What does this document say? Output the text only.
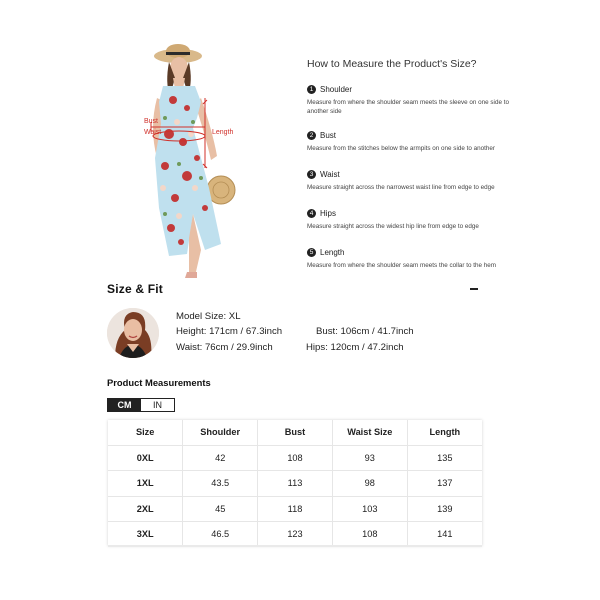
Bust
Waist	Length
How to Measure the Product's Size?
1 Shoulder
Measure from where the shoulder seam meets the sleeve on one side to another side
2 Bust
Measure from the stitches below the armpits on one side to another
3 Waist
Measure straight across the narrowest waist line from edge to edge
4 Hips
Measure straight across the widest hip line from edge to edge
5 Length
Measure from where the shoulder seam meets the collar to the hem
Size & Fit
Model Size: XL
Height: 171cm / 67.3inch	Bust: 106cm / 41.7inch
Waist: 76cm / 29.9inch	Hips: 120cm / 47.2inch
Product Measurements
CM	IN
Size	Shoulder	Bust	Waist Size	Length
0XL	42	108	93	135
1XL	43.5	113	98	137
2XL	45	118	103	139
3XL	46.5	123	108	141
